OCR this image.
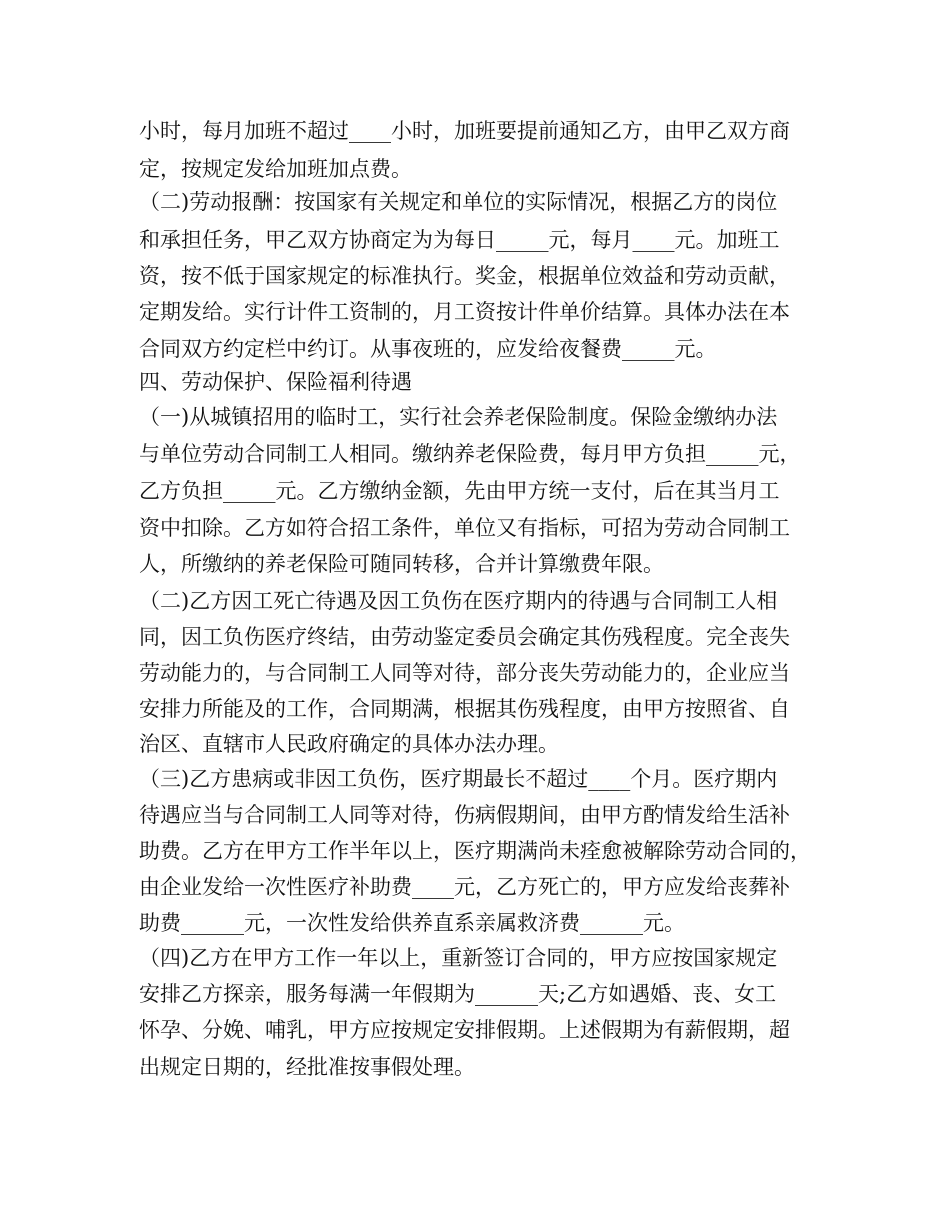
小时，每月加班不超过____小时，加班要提前通知乙方，由甲乙双方商
定，按规定发给加班加点费。
（二)劳动报酬：按国家有关规定和单位的实际情况，根据乙方的岗位
和承担任务，甲乙双方协商定为为每日_____元，每月____元。加班工
资，按不低于国家规定的标准执行。奖金，根据单位效益和劳动贡献，
定期发给。实行计件工资制的，月工资按计件单价结算。具体办法在本
合同双方约定栏中约订。从事夜班的，应发给夜餐费_____元。
四、劳动保护、保险福利待遇
（一)从城镇招用的临时工，实行社会养老保险制度。保险金缴纳办法
与单位劳动合同制工人相同。缴纳养老保险费，每月甲方负担_____元，
乙方负担_____元。乙方缴纳金额，先由甲方统一支付，后在其当月工
资中扣除。乙方如符合招工条件，单位又有指标，可招为劳动合同制工
人，所缴纳的养老保险可随同转移，合并计算缴费年限。
（二)乙方因工死亡待遇及因工负伤在医疗期内的待遇与合同制工人相
同，因工负伤医疗终结，由劳动鉴定委员会确定其伤残程度。完全丧失
劳动能力的，与合同制工人同等对待，部分丧失劳动能力的，企业应当
安排力所能及的工作，合同期满，根据其伤残程度，由甲方按照省、自
治区、直辖市人民政府确定的具体办法办理。
（三)乙方患病或非因工负伤，医疗期最长不超过____个月。医疗期内
待遇应当与合同制工人同等对待，伤病假期间，由甲方酌情发给生活补
助费。乙方在甲方工作半年以上，医疗期满尚未痊愈被解除劳动合同的，
由企业发给一次性医疗补助费____元，乙方死亡的，甲方应发给丧葬补
助费______元，一次性发给供养直系亲属救济费______元。
（四)乙方在甲方工作一年以上，重新签订合同的，甲方应按国家规定
安排乙方探亲，服务每满一年假期为______天;乙方如遇婚、丧、女工
怀孕、分娩、哺乳，甲方应按规定安排假期。上述假期为有薪假期，超
出规定日期的，经批准按事假处理。
